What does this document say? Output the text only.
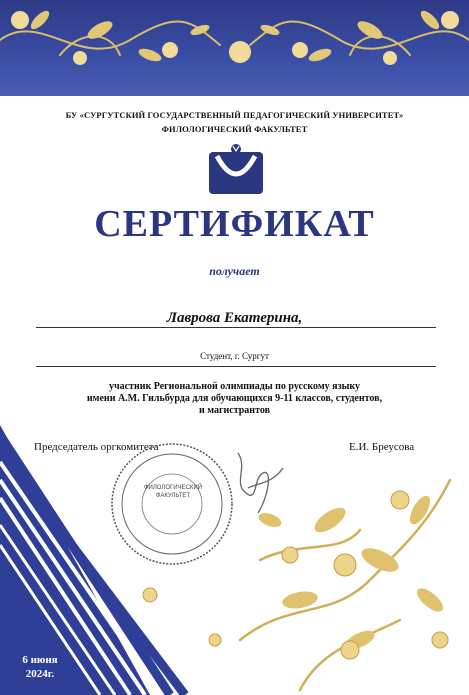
БУ «СУРГУТСКИЙ ГОСУДАРСТВЕННЫЙ ПЕДАГОГИЧЕСКИЙ УНИВЕРСИТЕТ»
ФИЛОЛОГИЧЕСКИЙ ФАКУЛЬТЕТ
СЕРТИФИКАТ
получает
Лаврова Екатерина,
Студент, г. Сургут
участник Региональной олимпиады по русскому языку
имени А.М. Гильбурда для обучающихся 9-11 классов, студентов,
и магистрантов
Председатель оргкомитета	Е.И. Бреусова
ФИЛОЛОГИЧЕСКИЙ
ФАКУЛЬТЕТ
6 июня
2024г.
